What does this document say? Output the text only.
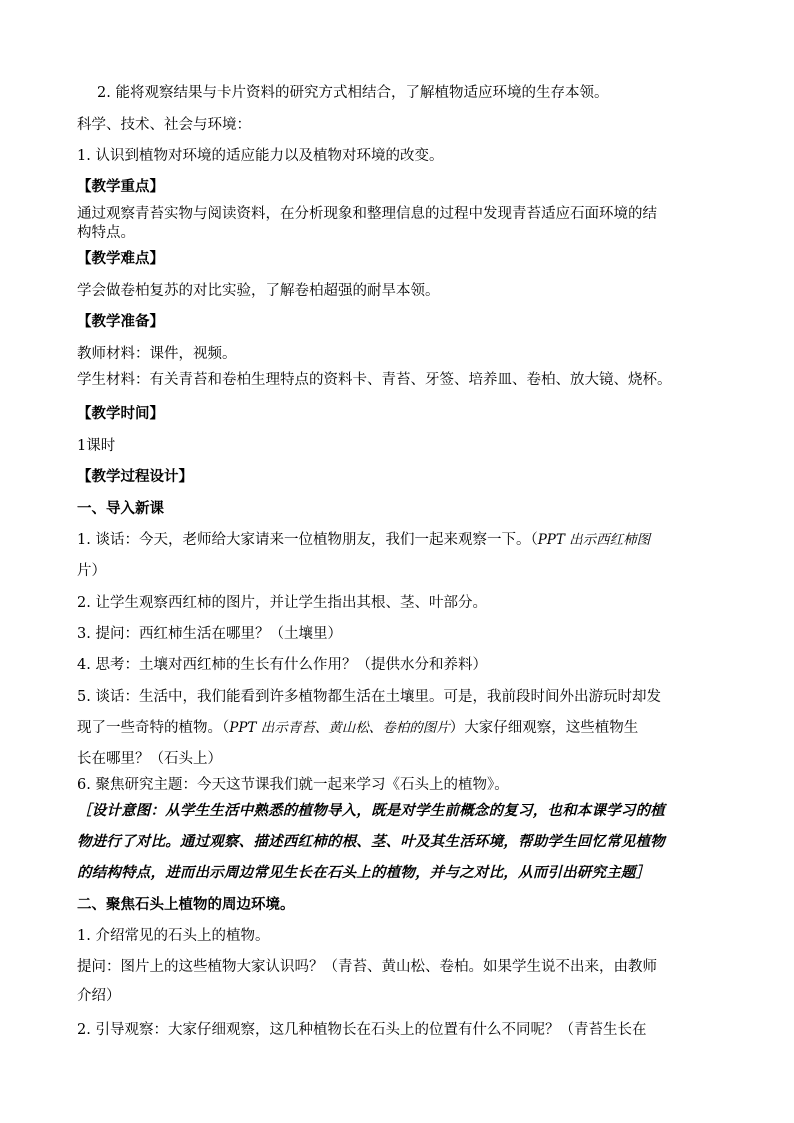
2. 能将观察结果与卡片资料的研究方式相结合，了解植物适应环境的生存本领。
科学、技术、社会与环境：
1. 认识到植物对环境的适应能力以及植物对环境的改变。
【教学重点】
通过观察青苔实物与阅读资料，在分析现象和整理信息的过程中发现青苔适应石面环境的结
构特点。
【教学难点】
学会做卷柏复苏的对比实验，了解卷柏超强的耐旱本领。
【教学准备】
教师材料：课件，视频。
学生材料：有关青苔和卷柏生理特点的资料卡、青苔、牙签、培养皿、卷柏、放大镜、烧杯。
【教学时间】
1课时
【教学过程设计】
一、导入新课
1. 谈话：今天，老师给大家请来一位植物朋友，我们一起来观察一下。（PPT 出示西红柿图
片）
2. 让学生观察西红柿的图片，并让学生指出其根、茎、叶部分。
3. 提问：西红柿生活在哪里？（土壤里）
4. 思考：土壤对西红柿的生长有什么作用？（提供水分和养料）
5. 谈话：生活中，我们能看到许多植物都生活在土壤里。可是，我前段时间外出游玩时却发
现了一些奇特的植物。（PPT 出示青苔、黄山松、卷柏的图片）大家仔细观察，这些植物生
长在哪里？（石头上）
6. 聚焦研究主题：今天这节课我们就一起来学习《石头上的植物》。
［设计意图：从学生生活中熟悉的植物导入，既是对学生前概念的复习，也和本课学习的植
物进行了对比。通过观察、描述西红柿的根、茎、叶及其生活环境，帮助学生回忆常见植物
的结构特点，进而出示周边常见生长在石头上的植物，并与之对比，从而引出研究主题］
二、聚焦石头上植物的周边环境。
1. 介绍常见的石头上的植物。
提问：图片上的这些植物大家认识吗？（青苔、黄山松、卷柏。如果学生说不出来，由教师
介绍）
2. 引导观察：大家仔细观察，这几种植物长在石头上的位置有什么不同呢？（青苔生长在
